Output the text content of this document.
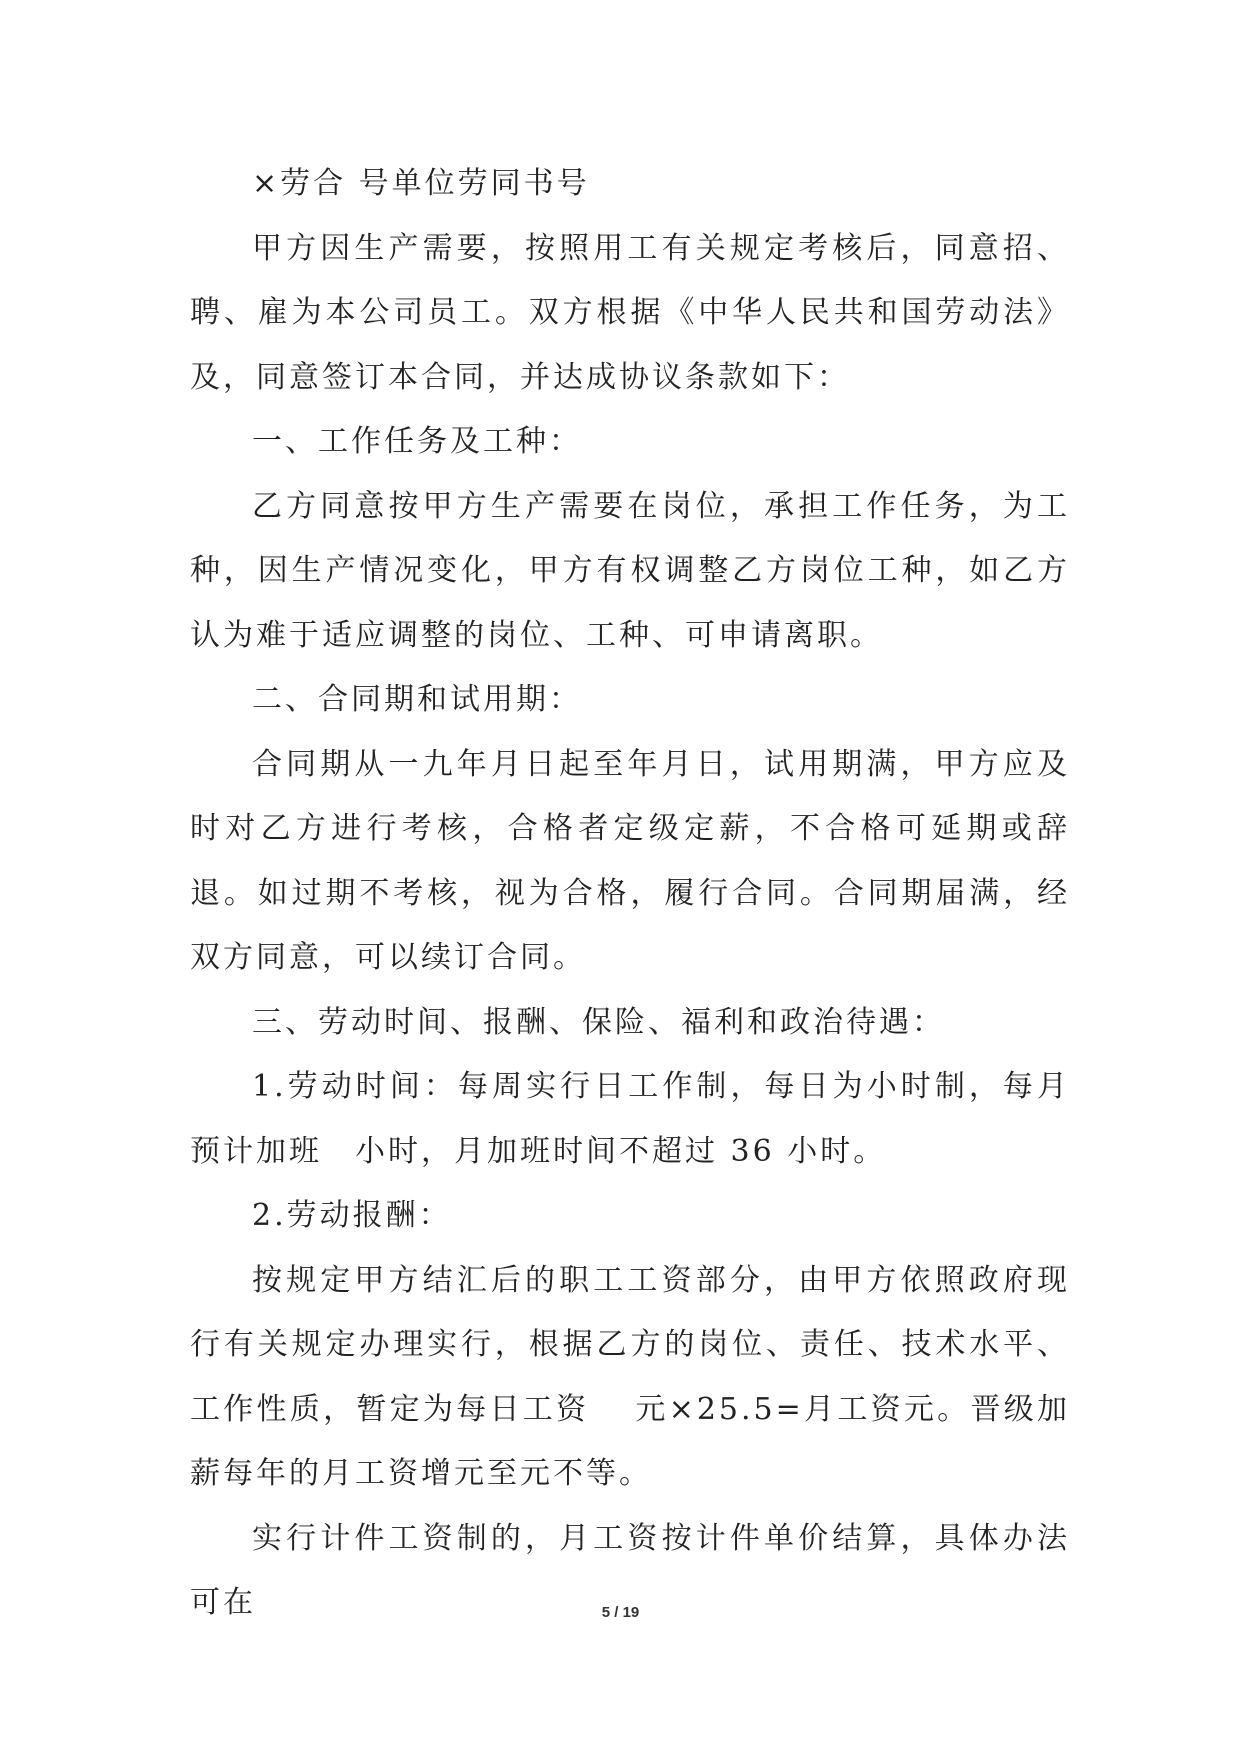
×劳合 号单位劳同书号

甲方因生产需要，按照用工有关规定考核后，同意招、聘、雇为本公司员工。双方根据《中华人民共和国劳动法》及，同意签订本合同，并达成协议条款如下：

一、工作任务及工种：

乙方同意按甲方生产需要在岗位，承担工作任务，为工种，因生产情况变化，甲方有权调整乙方岗位工种，如乙方认为难于适应调整的岗位、工种、可申请离职。

二、合同期和试用期：

合同期从一九年月日起至年月日，试用期满，甲方应及时对乙方进行考核，合格者定级定薪，不合格可延期或辞退。如过期不考核，视为合格，履行合同。合同期届满，经双方同意，可以续订合同。

三、劳动时间、报酬、保险、福利和政治待遇：

1.劳动时间：每周实行日工作制，每日为小时制，每月预计加班　小时，月加班时间不超过 36 小时。

2.劳动报酬：

按规定甲方结汇后的职工工资部分，由甲方依照政府现行有关规定办理实行，根据乙方的岗位、责任、技术水平、工作性质，暂定为每日工资　 元×25.5=月工资元。晋级加薪每年的月工资增元至元不等。

实行计件工资制的，月工资按计件单价结算，具体办法可在	5 / 19
